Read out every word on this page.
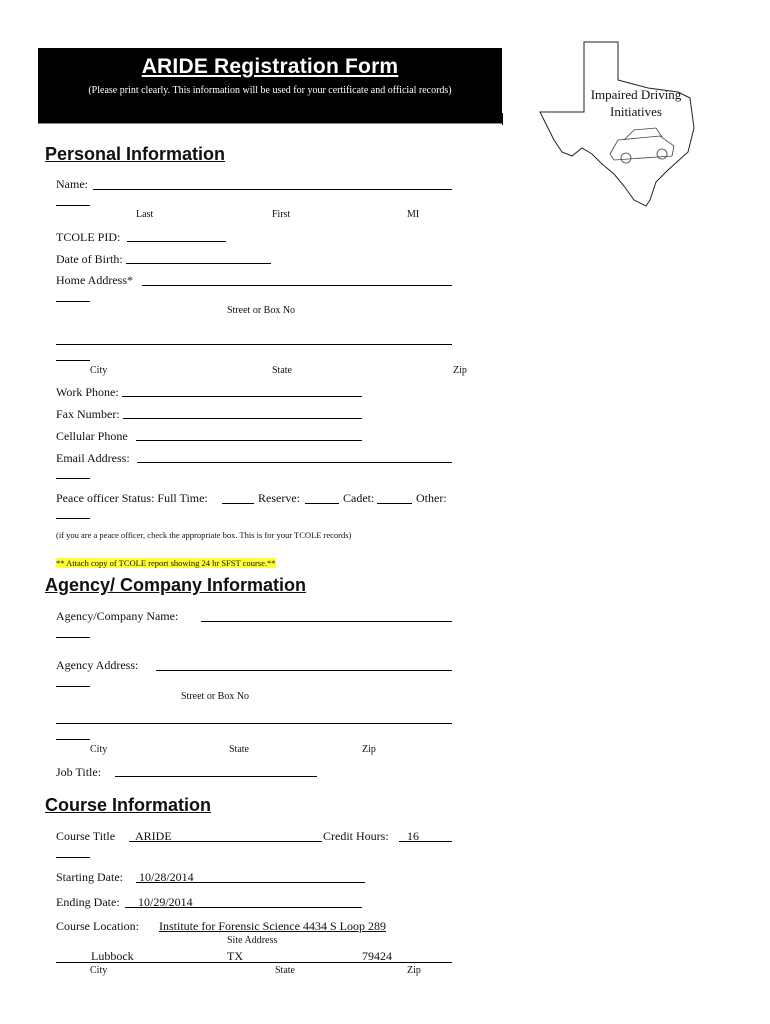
ARIDE Registration Form
(Please print clearly. This information will be used for your certificate and official records)	Impaired Driving
Initiatives
Personal Information
Name:
Last	First	MI
TCOLE PID:
Date of Birth:
Home Address*
Street or Box No
City	State	Zip
Work Phone:
Fax Number:
Cellular Phone
Email Address:
Peace officer Status: Full Time:	Reserve:	Cadet:	Other:
(if you are a peace officer, check the appropriate box. This is for your TCOLE records)
** Attach copy of TCOLE report showing 24 hr SFST course.**
Agency/ Company Information
Agency/Company Name:
Agency Address:
Street or Box No
City	State	Zip
Job Title:
Course Information
Course Title ARIDE	Credit Hours: 16
Starting Date: 10/28/2014
Ending Date: 10/29/2014
Course Location: Institute for Forensic Science 4434 S Loop 289
Site Address
Lubbock	TX	79424
City	State	Zip
